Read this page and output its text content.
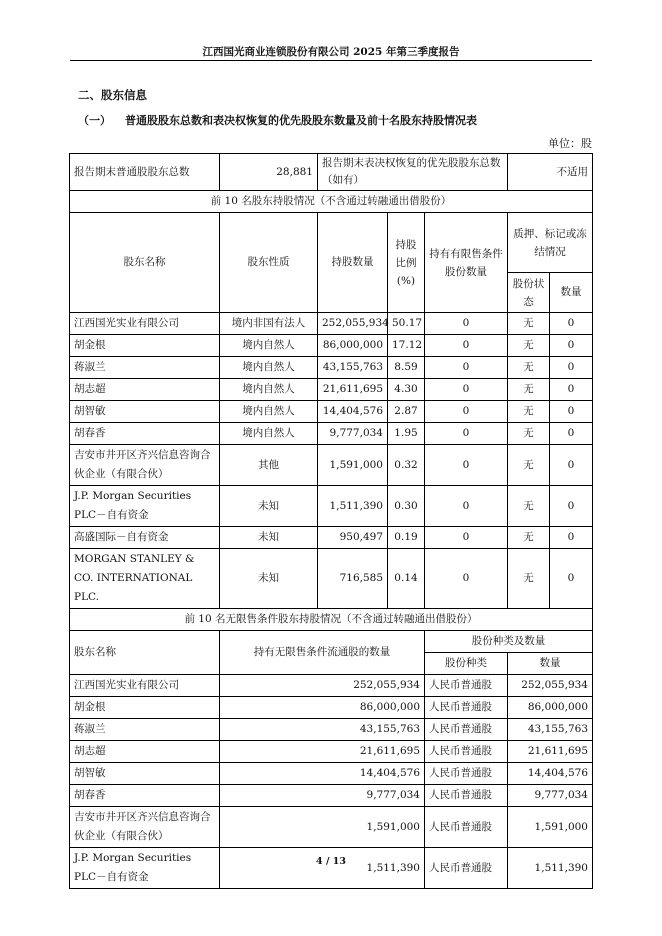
江西国光商业连锁股份有限公司 2025 年第三季度报告
二、股东信息
（一） 普通股股东总数和表决权恢复的优先股股东数量及前十名股东持股情况表
单位：股
报告期末普通股股东总数	28,881	报告期末表决权恢复的优先股股东总数（如有）			不适用	
前 10 名股东持股情况（不含通过转融通出借股份）						
股东名称	股东性质	持股数量	持股比例(%)	持有有限售条件股份数量	质押、标记或冻结情况	
					股份状态	数量
江西国光实业有限公司	境内非国有法人	252,055,934	50.17	0	无	0
胡金根	境内自然人	86,000,000	17.12	0	无	0
蒋淑兰	境内自然人	43,155,763	8.59	0	无	0
胡志超	境内自然人	21,611,695	4.30	0	无	0
胡智敏	境内自然人	14,404,576	2.87	0	无	0
胡春香	境内自然人	9,777,034	1.95	0	无	0
吉安市井开区齐兴信息咨询合伙企业（有限合伙）	其他	1,591,000	0.32	0	无	0
J.P. Morgan Securities PLC－自有资金	未知	1,511,390	0.30	0	无	0
高盛国际－自有资金	未知	950,497	0.19	0	无	0
MORGAN STANLEY & CO. INTERNATIONAL PLC.	未知	716,585	0.14	0	无	0
前 10 名无限售条件股东持股情况（不含通过转融通出借股份）						
股东名称	持有无限售条件流通股的数量			股份种类及数量		
				股份种类	数量	
江西国光实业有限公司	252,055,934			人民币普通股	252,055,934	
胡金根	86,000,000			人民币普通股	86,000,000	
蒋淑兰	43,155,763			人民币普通股	43,155,763	
胡志超	21,611,695			人民币普通股	21,611,695	
胡智敏	14,404,576			人民币普通股	14,404,576	
胡春香	9,777,034			人民币普通股	9,777,034	
吉安市井开区齐兴信息咨询合伙企业（有限合伙）	1,591,000			人民币普通股	1,591,000	
J.P. Morgan Securities PLC－自有资金	1,511,390			人民币普通股	1,511,390	
4 / 13
